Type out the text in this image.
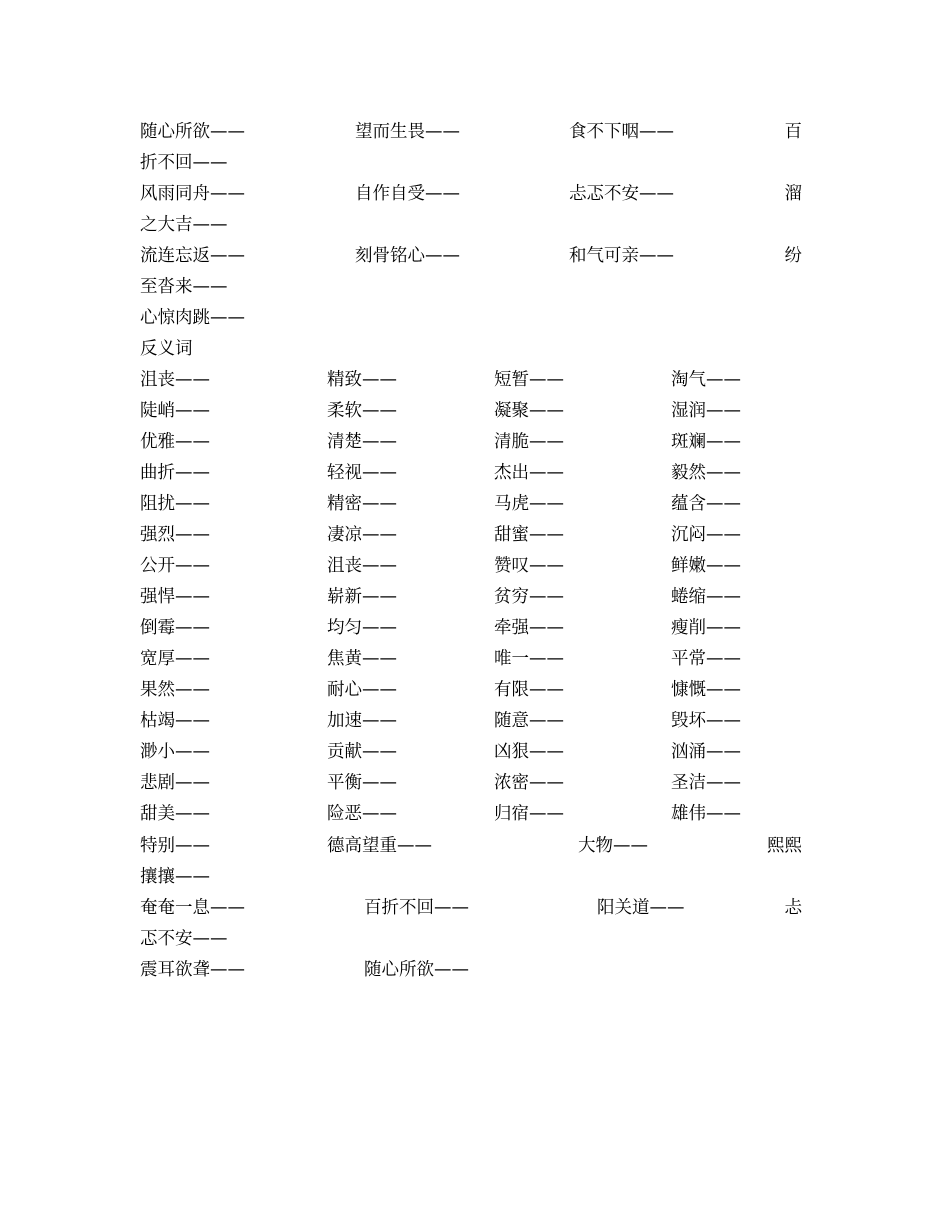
随心所欲——	望而生畏——	食不下咽——	百
折不回——
风雨同舟——	自作自受——	忐忑不安——	溜
之大吉——
流连忘返——	刻骨铭心——	和气可亲——	纷
至沓来——
心惊肉跳——
反义词
沮丧——	精致——	短暂——	淘气——
陡峭——	柔软——	凝聚——	湿润——
优雅——	清楚——	清脆——	斑斓——
曲折——	轻视——	杰出——	毅然——
阻扰——	精密——	马虎——	蕴含——
强烈——	凄凉——	甜蜜——	沉闷——
公开——	沮丧——	赞叹——	鲜嫩——
强悍——	崭新——	贫穷——	蜷缩——
倒霉——	均匀——	牵强——	瘦削——
宽厚——	焦黄——	唯一——	平常——
果然——	耐心——	有限——	慷慨——
枯竭——	加速——	随意——	毁坏——
渺小——	贡献——	凶狠——	汹涌——
悲剧——	平衡——	浓密——	圣洁——
甜美——	险恶——	归宿——	雄伟——
特别——	德高望重——	大物——	熙熙
攘攘——
奄奄一息——	百折不回——	阳关道——	忐
忑不安——
震耳欲聋——	随心所欲——
